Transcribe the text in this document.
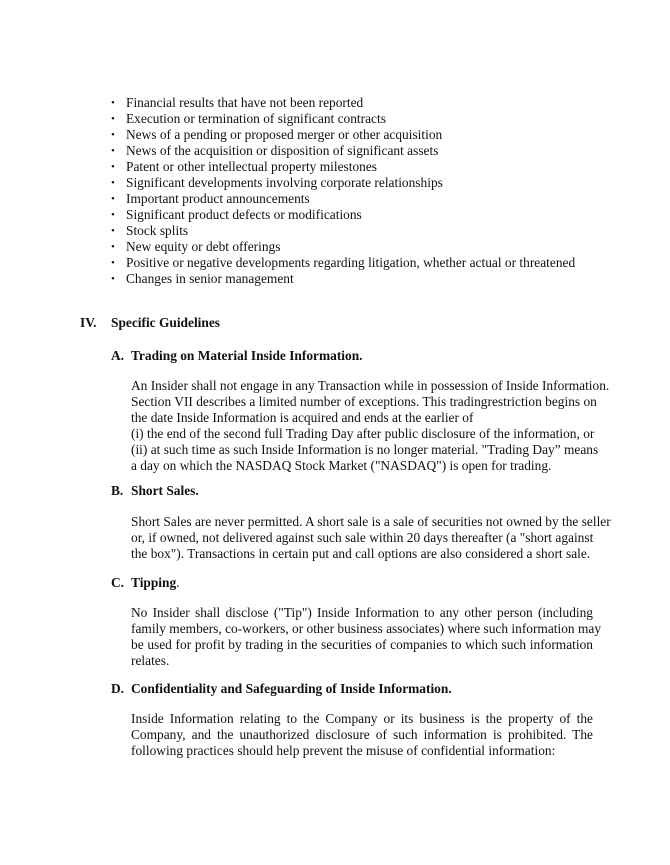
• Financial results that have not been reported
• Execution or termination of significant contracts
• News of a pending or proposed merger or other acquisition
• News of the acquisition or disposition of significant assets
• Patent or other intellectual property milestones
• Significant developments involving corporate relationships
• Important product announcements
• Significant product defects or modifications
• Stock splits
• New equity or debt offerings
• Positive or negative developments regarding litigation, whether actual or threatened
• Changes in senior management
IV. Specific Guidelines
A. Trading on Material Inside Information.
An Insider shall not engage in any Transaction while in possession of Inside Information.
Section VII describes a limited number of exceptions. This tradingrestriction begins on
the date Inside Information is acquired and ends at the earlier of
(i) the end of the second full Trading Day after public disclosure of the information, or
(ii) at such time as such Inside Information is no longer material. "Trading Day” means
a day on which the NASDAQ Stock Market ("NASDAQ") is open for trading.
B. Short Sales.
Short Sales are never permitted. A short sale is a sale of securities not owned by the seller
or, if owned, not delivered against such sale within 20 days thereafter (a "short against
the box"). Transactions in certain put and call options are also considered a short sale.
C. Tipping.
No Insider shall disclose ("Tip") Inside Information to any other person (including
family members, co-workers, or other business associates) where such information may
be used for profit by trading in the securities of companies to which such information
relates.
D. Confidentiality and Safeguarding of Inside Information.
Inside Information relating to the Company or its business is the property of the
Company, and the unauthorized disclosure of such information is prohibited. The
following practices should help prevent the misuse of confidential information:
